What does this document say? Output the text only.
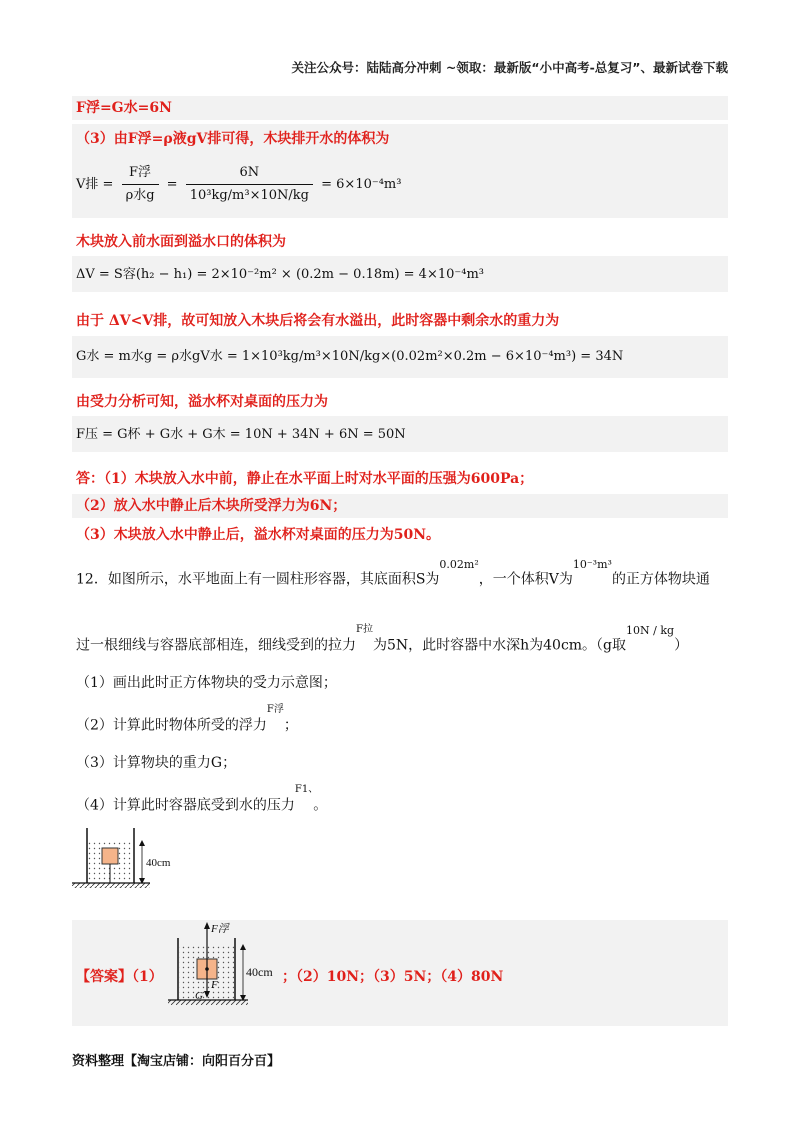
关注公众号：陆陆高分冲刺 ~领取：最新版“小中高考-总复习”、最新试卷下载
F浮=G水=6N
（3）由F浮=ρ液gV排可得，木块排开水的体积为
V排 = $\frac{\text{F浮}}{\text{ρ水g}} = \frac{6N}{\text{10³kg/m³×10N/kg}} = 6\times 10^{-4}m^3$
木块放入前水面到溢水口的体积为
ΔV = S容(h₂ − h₁) = 2×10⁻²m² × (0.2m − 0.18m) = 4×10⁻⁴m³
由于 ΔV<V排，故可知放入木块后将会有水溢出，此时容器中剩余水的重力为
G水 = m水g = ρ水gV水 = 1×10³kg/m³×10N/kg×(0.02m²×0.2m − 6×10⁻⁴m³) = 34N
由受力分析可知，溢水杯对桌面的压力为
F压 = G杯 + G水 + G木 = 10N + 34N + 6N = 50N
答：（1）木块放入水中前，静止在水平面上时对水平面的压强为600Pa；
（2）放入水中静止后木块所受浮力为6N；
（3）木块放入水中静止后，溢水杯对桌面的压力为50N。
12．如图所示，水平地面上有一圆柱形容器，其底面积S为$^{0.02m^2}$，一个体积V为$^{10^{-3}m^3}$的正方体物块通
过一根细线与容器底部相连，细线受到的拉力$^{F拉}$为5N，此时容器中水深h为40cm。（g取$^{10N / kg}$）
（1）画出此时正方体物块的受力示意图；
（2）计算此时物体所受的浮力$^{F浮}$；
（3）计算物块的重力G；
（4）计算此时容器底受到水的压力$^{F1、}$。
40cm
【答案】（1）
F浮
F
G
40cm ；（2）10N；（3）5N；（4）80N
资料整理【淘宝店铺：向阳百分百】
